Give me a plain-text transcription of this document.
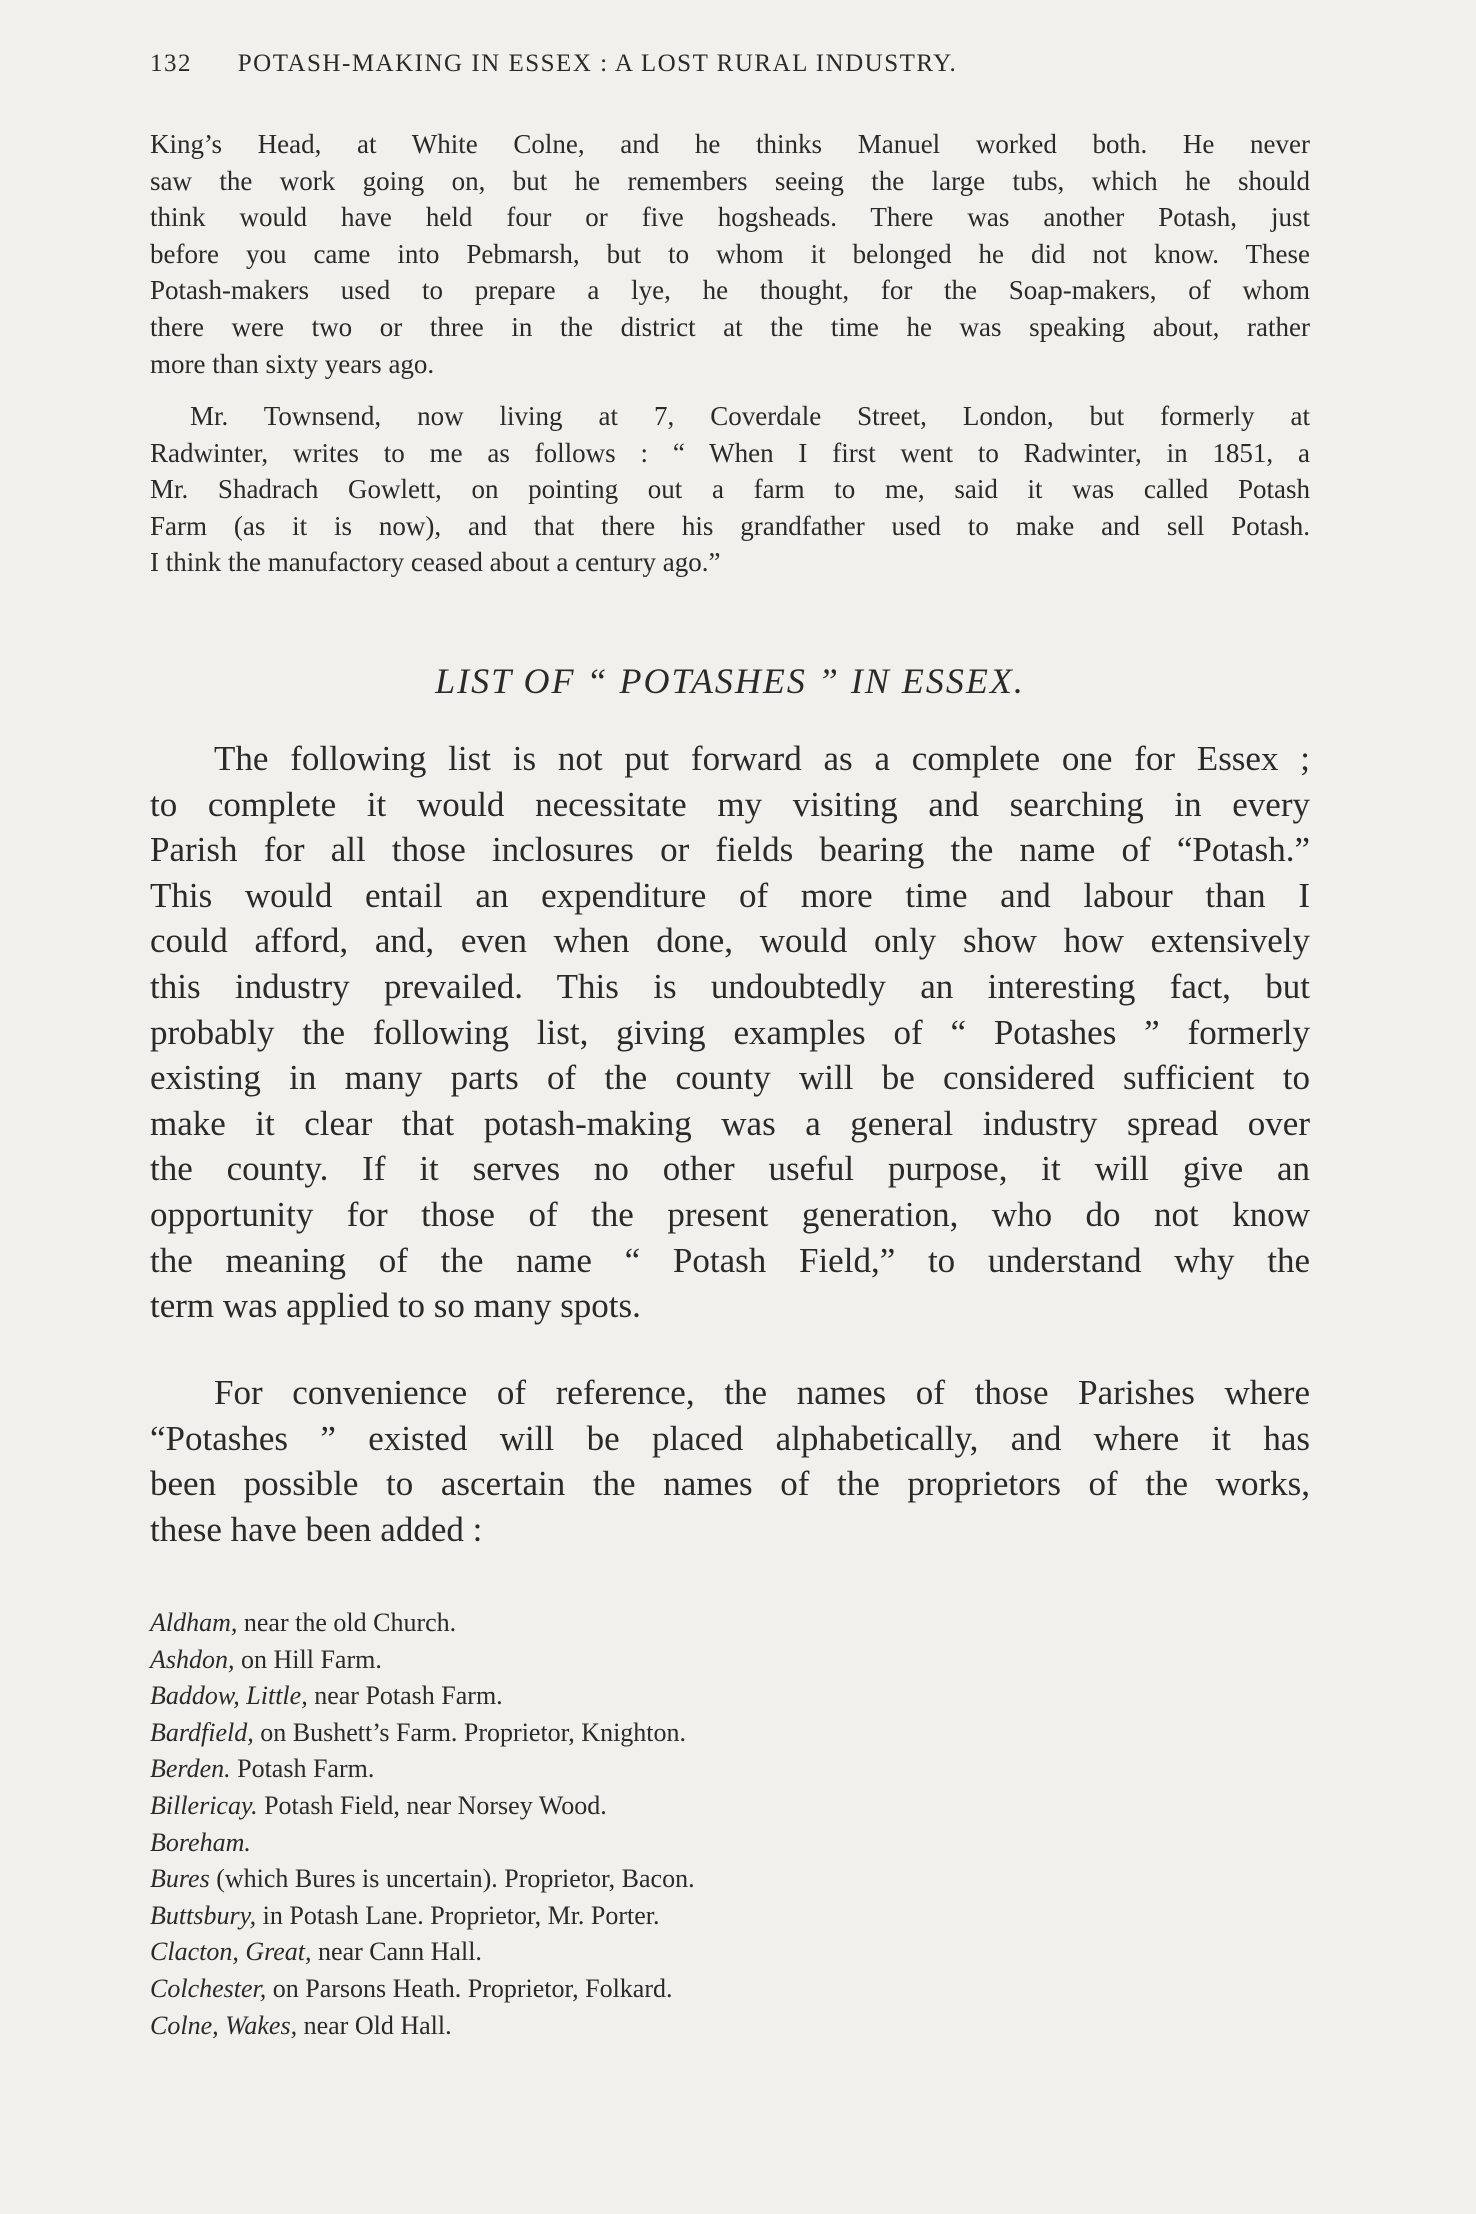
132 POTASH-MAKING IN ESSEX : A LOST RURAL INDUSTRY.
King’s Head, at White Colne, and he thinks Manuel worked both. He never
saw the work going on, but he remembers seeing the large tubs, which he should
think would have held four or five hogsheads. There was another Potash, just
before you came into Pebmarsh, but to whom it belonged he did not know. These
Potash-makers used to prepare a lye, he thought, for the Soap-makers, of whom
there were two or three in the district at the time he was speaking about, rather
more than sixty years ago.
Mr. Townsend, now living at 7, Coverdale Street, London, but formerly at
Radwinter, writes to me as follows : “ When I first went to Radwinter, in 1851, a
Mr. Shadrach Gowlett, on pointing out a farm to me, said it was called Potash
Farm (as it is now), and that there his grandfather used to make and sell Potash.
I think the manufactory ceased about a century ago.”
LIST OF “ POTASHES ” IN ESSEX.
The following list is not put forward as a complete one for Essex ;
to complete it would necessitate my visiting and searching in every
Parish for all those inclosures or fields bearing the name of “Potash.”
This would entail an expenditure of more time and labour than I
could afford, and, even when done, would only show how extensively
this industry prevailed. This is undoubtedly an interesting fact, but
probably the following list, giving examples of “ Potashes ” formerly
existing in many parts of the county will be considered sufficient to
make it clear that potash-making was a general industry spread over
the county. If it serves no other useful purpose, it will give an
opportunity for those of the present generation, who do not know
the meaning of the name “ Potash Field,” to understand why the
term was applied to so many spots.
For convenience of reference, the names of those Parishes where
“Potashes ” existed will be placed alphabetically, and where it has
been possible to ascertain the names of the proprietors of the works,
these have been added :
Aldham, near the old Church.
Ashdon, on Hill Farm.
Baddow, Little, near Potash Farm.
Bardfield, on Bushett’s Farm. Proprietor, Knighton.
Berden. Potash Farm.
Billericay. Potash Field, near Norsey Wood.
Boreham.
Bures (which Bures is uncertain). Proprietor, Bacon.
Buttsbury, in Potash Lane. Proprietor, Mr. Porter.
Clacton, Great, near Cann Hall.
Colchester, on Parsons Heath. Proprietor, Folkard.
Colne, Wakes, near Old Hall.
